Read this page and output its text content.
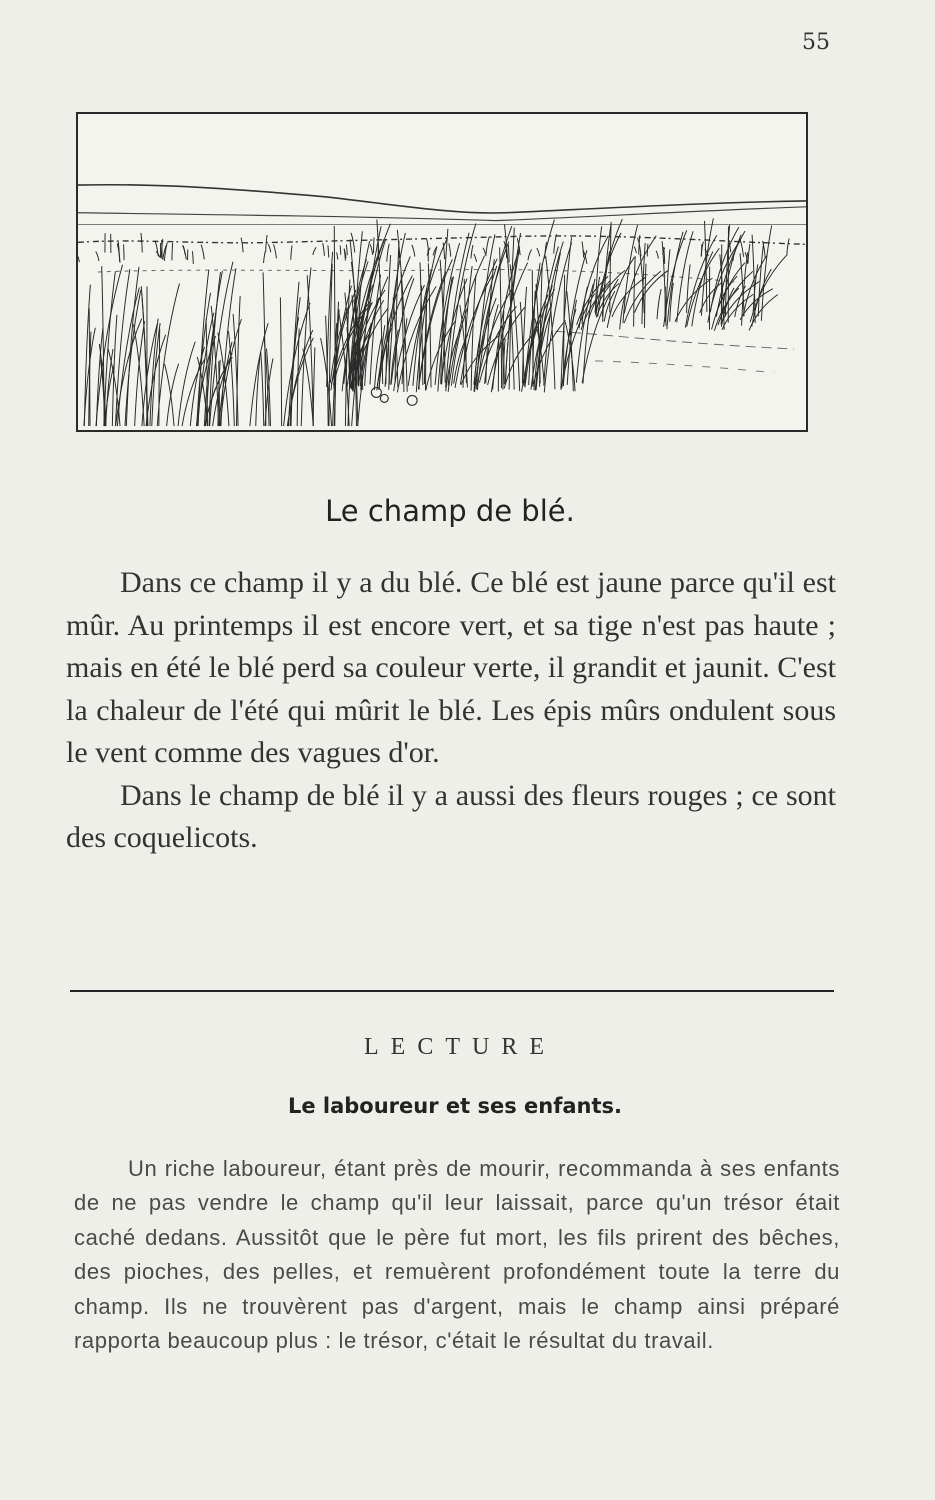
55
Le champ de blé.

Dans ce champ il y a du blé. Ce blé est jaune parce qu'il est mûr. Au printemps il est encore vert, et sa tige n'est pas haute ; mais en été le blé perd sa couleur verte, il grandit et jaunit. C'est la chaleur de l'été qui mûrit le blé. Les épis mûrs ondulent sous le vent comme des vagues d'or.

Dans le champ de blé il y a aussi des fleurs rouges ; ce sont des coquelicots.

LECTURE
Le laboureur et ses enfants.

Un riche laboureur, étant près de mourir, recommanda à ses enfants de ne pas vendre le champ qu'il leur laissait, parce qu'un trésor était caché dedans. Aussitôt que le père fut mort, les fils prirent des bêches, des pioches, des pelles, et remuèrent profondément toute la terre du champ. Ils ne trouvèrent pas d'argent, mais le champ ainsi préparé rapporta beaucoup plus : le trésor, c'était le résultat du travail.
